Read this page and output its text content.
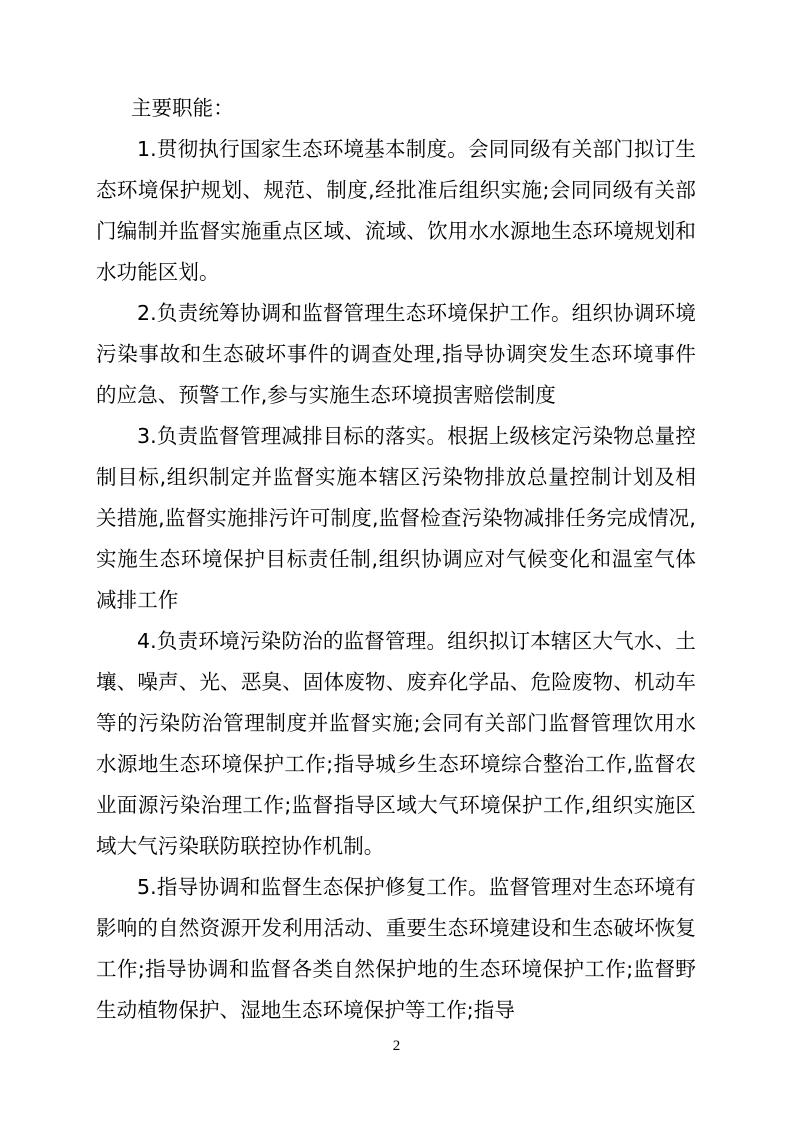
主要职能：

1.贯彻执行国家生态环境基本制度。会同同级有关部门拟订生态环境保护规划、规范、制度,经批准后组织实施;会同同级有关部门编制并监督实施重点区域、流域、饮用水水源地生态环境规划和水功能区划。

2.负责统筹协调和监督管理生态环境保护工作。组织协调环境污染事故和生态破坏事件的调查处理,指导协调突发生态环境事件的应急、预警工作,参与实施生态环境损害赔偿制度

3.负责监督管理减排目标的落实。根据上级核定污染物总量控制目标,组织制定并监督实施本辖区污染物排放总量控制计划及相关措施,监督实施排污许可制度,监督检查污染物减排任务完成情况,实施生态环境保护目标责任制,组织协调应对气候变化和温室气体减排工作

4.负责环境污染防治的监督管理。组织拟订本辖区大气水、土壤、噪声、光、恶臭、固体废物、废弃化学品、危险废物、机动车等的污染防治管理制度并监督实施;会同有关部门监督管理饮用水水源地生态环境保护工作;指导城乡生态环境综合整治工作,监督农业面源污染治理工作;监督指导区域大气环境保护工作,组织实施区域大气污染联防联控协作机制。

5.指导协调和监督生态保护修复工作。监督管理对生态环境有影响的自然资源开发利用活动、重要生态环境建设和生态破坏恢复工作;指导协调和监督各类自然保护地的生态环境保护工作;监督野生动植物保护、湿地生态环境保护等工作;指导

2
